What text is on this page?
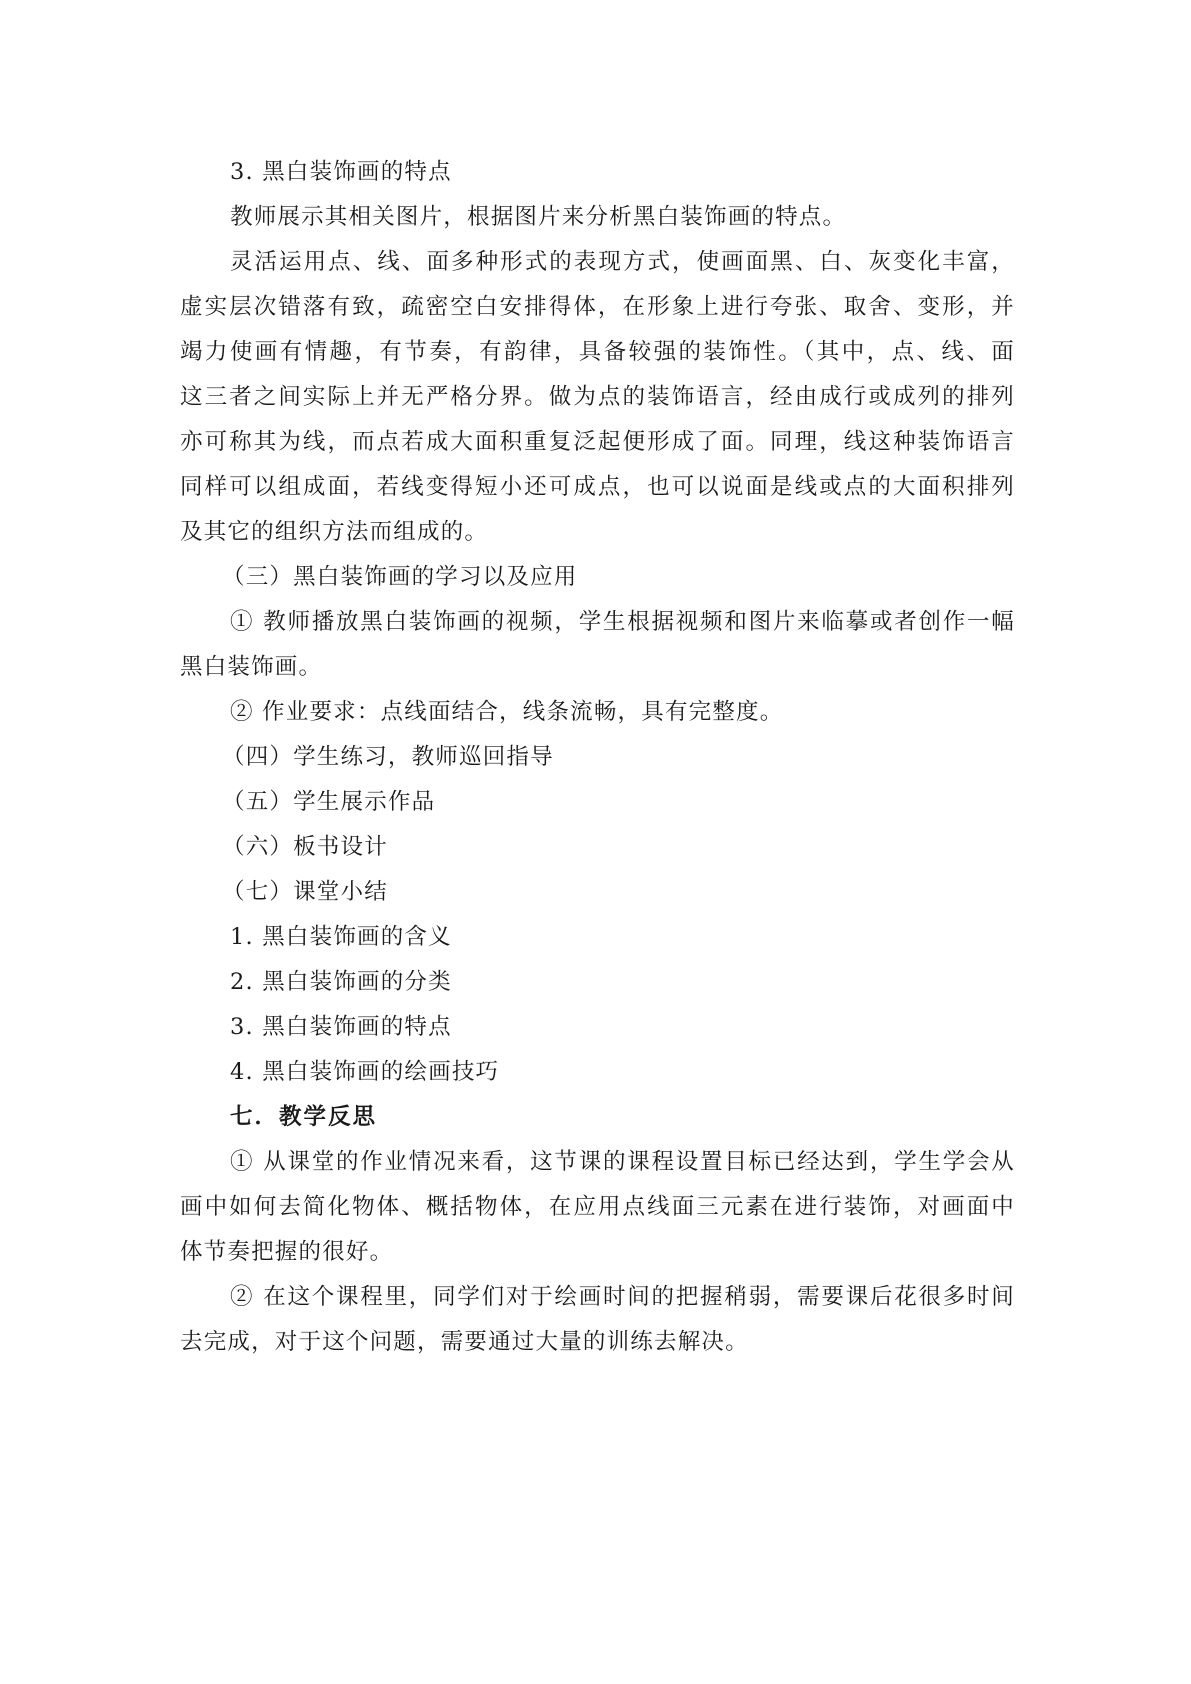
3. 黑白装饰画的特点
教师展示其相关图片，根据图片来分析黑白装饰画的特点。
灵活运用点、线、面多种形式的表现方式，使画面黑、白、灰变化丰富，
虚实层次错落有致，疏密空白安排得体，在形象上进行夸张、取舍、变形，并
竭力使画有情趣，有节奏，有韵律，具备较强的装饰性。（其中，点、线、面
这三者之间实际上并无严格分界。做为点的装饰语言，经由成行或成列的排列
亦可称其为线，而点若成大面积重复泛起便形成了面。同理，线这种装饰语言
同样可以组成面，若线变得短小还可成点，也可以说面是线或点的大面积排列
及其它的组织方法而组成的。
（三）黑白装饰画的学习以及应用
① 教师播放黑白装饰画的视频，学生根据视频和图片来临摹或者创作一幅
黑白装饰画。
② 作业要求：点线面结合，线条流畅，具有完整度。
（四）学生练习，教师巡回指导
（五）学生展示作品
（六）板书设计
（七）课堂小结
1. 黑白装饰画的含义
2. 黑白装饰画的分类
3. 黑白装饰画的特点
4. 黑白装饰画的绘画技巧
七．教学反思
① 从课堂的作业情况来看，这节课的课程设置目标已经达到，学生学会从
画中如何去简化物体、概括物体，在应用点线面三元素在进行装饰，对画面中
体节奏把握的很好。
② 在这个课程里，同学们对于绘画时间的把握稍弱，需要课后花很多时间
去完成，对于这个问题，需要通过大量的训练去解决。
